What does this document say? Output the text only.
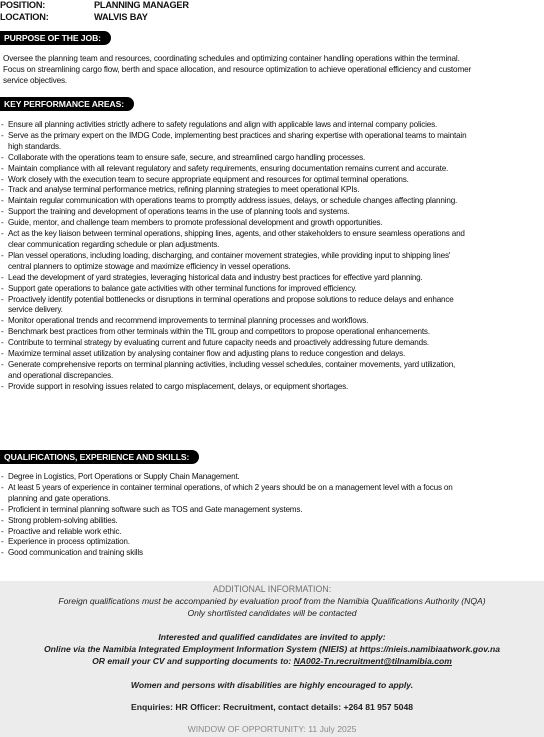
POSITION:	PLANNING MANAGER
LOCATION:	WALVIS BAY
PURPOSE OF THE JOB:
Oversee the planning team and resources, coordinating schedules and optimizing container handling operations within the terminal.
Focus on streamlining cargo flow, berth and space allocation, and resource optimization to achieve operational efficiency and customer
service objectives.
KEY PERFORMANCE AREAS:
- Ensure all planning activities strictly adhere to safety regulations and align with applicable laws and internal company policies.
- Serve as the primary expert on the IMDG Code, implementing best practices and sharing expertise with operational teams to maintain
high standards.
- Collaborate with the operations team to ensure safe, secure, and streamlined cargo handling processes.
- Maintain compliance with all relevant regulatory and safety requirements, ensuring documentation remains current and accurate.
- Work closely with the execution team to secure appropriate equipment and resources for optimal terminal operations.
- Track and analyse terminal performance metrics, refining planning strategies to meet operational KPIs.
- Maintain regular communication with operations teams to promptly address issues, delays, or schedule changes affecting planning.
- Support the training and development of operations teams in the use of planning tools and systems.
- Guide, mentor, and challenge team members to promote professional development and growth opportunities.
- Act as the key liaison between terminal operations, shipping lines, agents, and other stakeholders to ensure seamless operations and
clear communication regarding schedule or plan adjustments.
- Plan vessel operations, including loading, discharging, and container movement strategies, while providing input to shipping lines'
central planners to optimize stowage and maximize efficiency in vessel operations.
- Lead the development of yard strategies, leveraging historical data and industry best practices for effective yard planning.
- Support gate operations to balance gate activities with other terminal functions for improved efficiency.
- Proactively identify potential bottlenecks or disruptions in terminal operations and propose solutions to reduce delays and enhance
service delivery.
- Monitor operational trends and recommend improvements to terminal planning processes and workflows.
- Benchmark best practices from other terminals within the TIL group and competitors to propose operational enhancements.
- Contribute to terminal strategy by evaluating current and future capacity needs and proactively addressing future demands.
- Maximize terminal asset utilization by analysing container flow and adjusting plans to reduce congestion and delays.
- Generate comprehensive reports on terminal planning activities, including vessel schedules, container movements, yard utilization,
and operational discrepancies.
- Provide support in resolving issues related to cargo misplacement, delays, or equipment shortages.
QUALIFICATIONS, EXPERIENCE AND SKILLS:
- Degree in Logistics, Port Operations or Supply Chain Management.
- At least 5 years of experience in container terminal operations, of which 2 years should be on a management level with a focus on
planning and gate operations.
- Proficient in terminal planning software such as TOS and Gate management systems.
- Strong problem-solving abilities.
- Proactive and reliable work ethic.
- Experience in process optimization.
- Good communication and training skills
ADDITIONAL INFORMATION:
Foreign qualifications must be accompanied by evaluation proof from the Namibia Qualifications Authority (NQA)
Only shortlisted candidates will be contacted
Interested and qualified candidates are invited to apply:
Online via the Namibia Integrated Employment Information System (NIEIS) at https://nieis.namibiaatwork.gov.na
OR email your CV and supporting documents to: NA002-Tn.recruitment@tilnamibia.com
Women and persons with disabilities are highly encouraged to apply.
Enquiries: HR Officer: Recruitment, contact details: +264 81 957 5048
WINDOW OF OPPORTUNITY: 11 July 2025
